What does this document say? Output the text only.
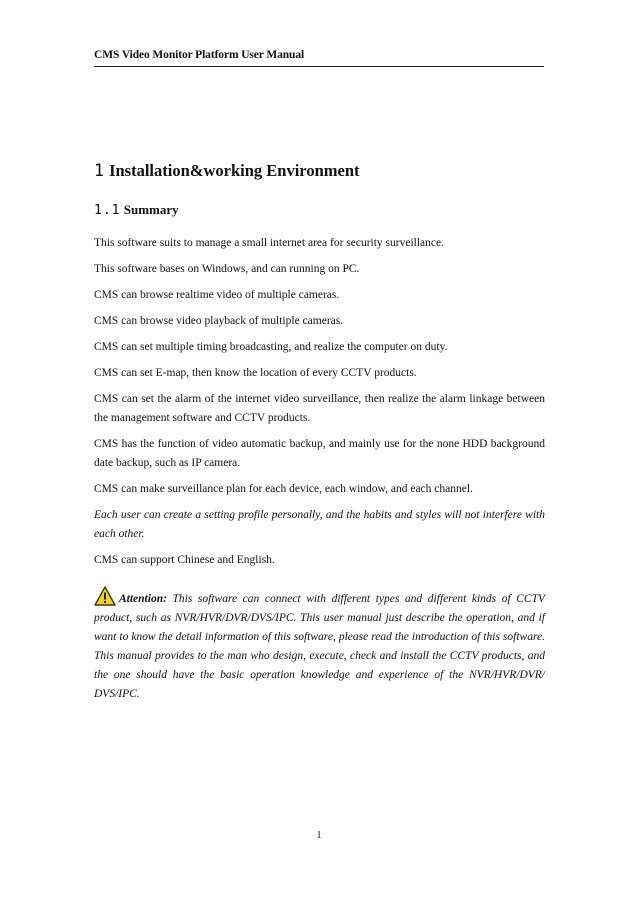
CMS Video Monitor Platform User Manual
1 Installation&working Environment
1.1 Summary

This software suits to manage a small internet area for security surveillance.

This software bases on Windows, and can running on PC.

CMS can browse realtime video of multiple cameras.

CMS can browse video playback of multiple cameras.

CMS can set multiple timing broadcasting, and realize the computer on duty.

CMS can set E-map, then know the location of every CCTV products.

CMS can set the alarm of the internet video surveillance, then realize the alarm linkage between the management software and CCTV products.

CMS has the function of video automatic backup, and mainly use for the none HDD background date backup, such as IP camera.

CMS can make surveillance plan for each device, each window, and each channel.

Each user can create a setting profile personally, and the habits and styles will not interfere with each other.

CMS can support Chinese and English.

Attention: This software can connect with different types and different kinds of CCTV product, such as NVR/HVR/DVR/DVS/IPC. This user manual just describe the operation, and if want to know the detail information of this software, please read the introduction of this software. This manual provides to the man who design, execute, check and install the CCTV products, and the one should have the basic operation knowledge and experience of the NVR/HVR/DVR/ DVS/IPC.
1
